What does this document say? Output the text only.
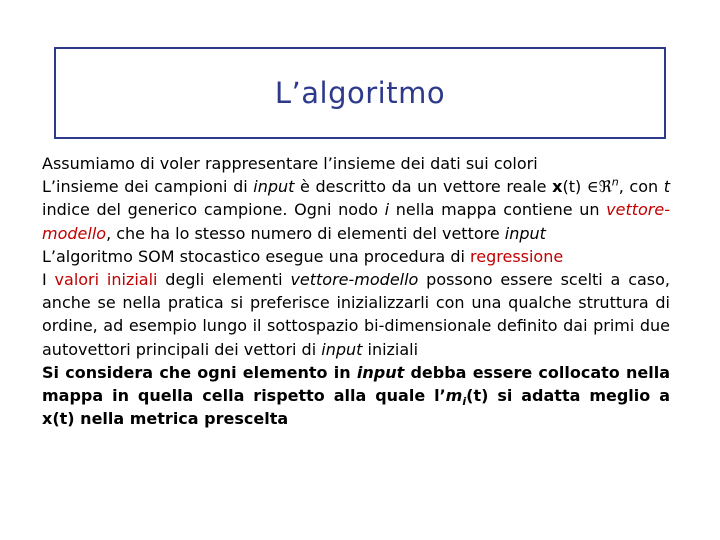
L’algoritmo

Assumiamo di voler rappresentare l’insieme dei dati sui colori

L’insieme dei campioni di input è descritto da un vettore reale x(t) ∈ℜ$^n$, con t indice del generico campione. Ogni nodo i nella mappa contiene un vettore-modello, che ha lo stesso numero di elementi del vettore input

L’algoritmo SOM stocastico esegue una procedura di regressione

I valori iniziali degli elementi vettore-modello possono essere scelti a caso, anche se nella pratica si preferisce inizializzarli con una qualche struttura di ordine, ad esempio lungo il sottospazio bi-dimensionale definito dai primi due autovettori principali dei vettori di input iniziali

Si considera che ogni elemento in input debba essere collocato nella mappa in quella cella rispetto alla quale $l’m_i(t)$ si adatta meglio a x(t) nella metrica prescelta
